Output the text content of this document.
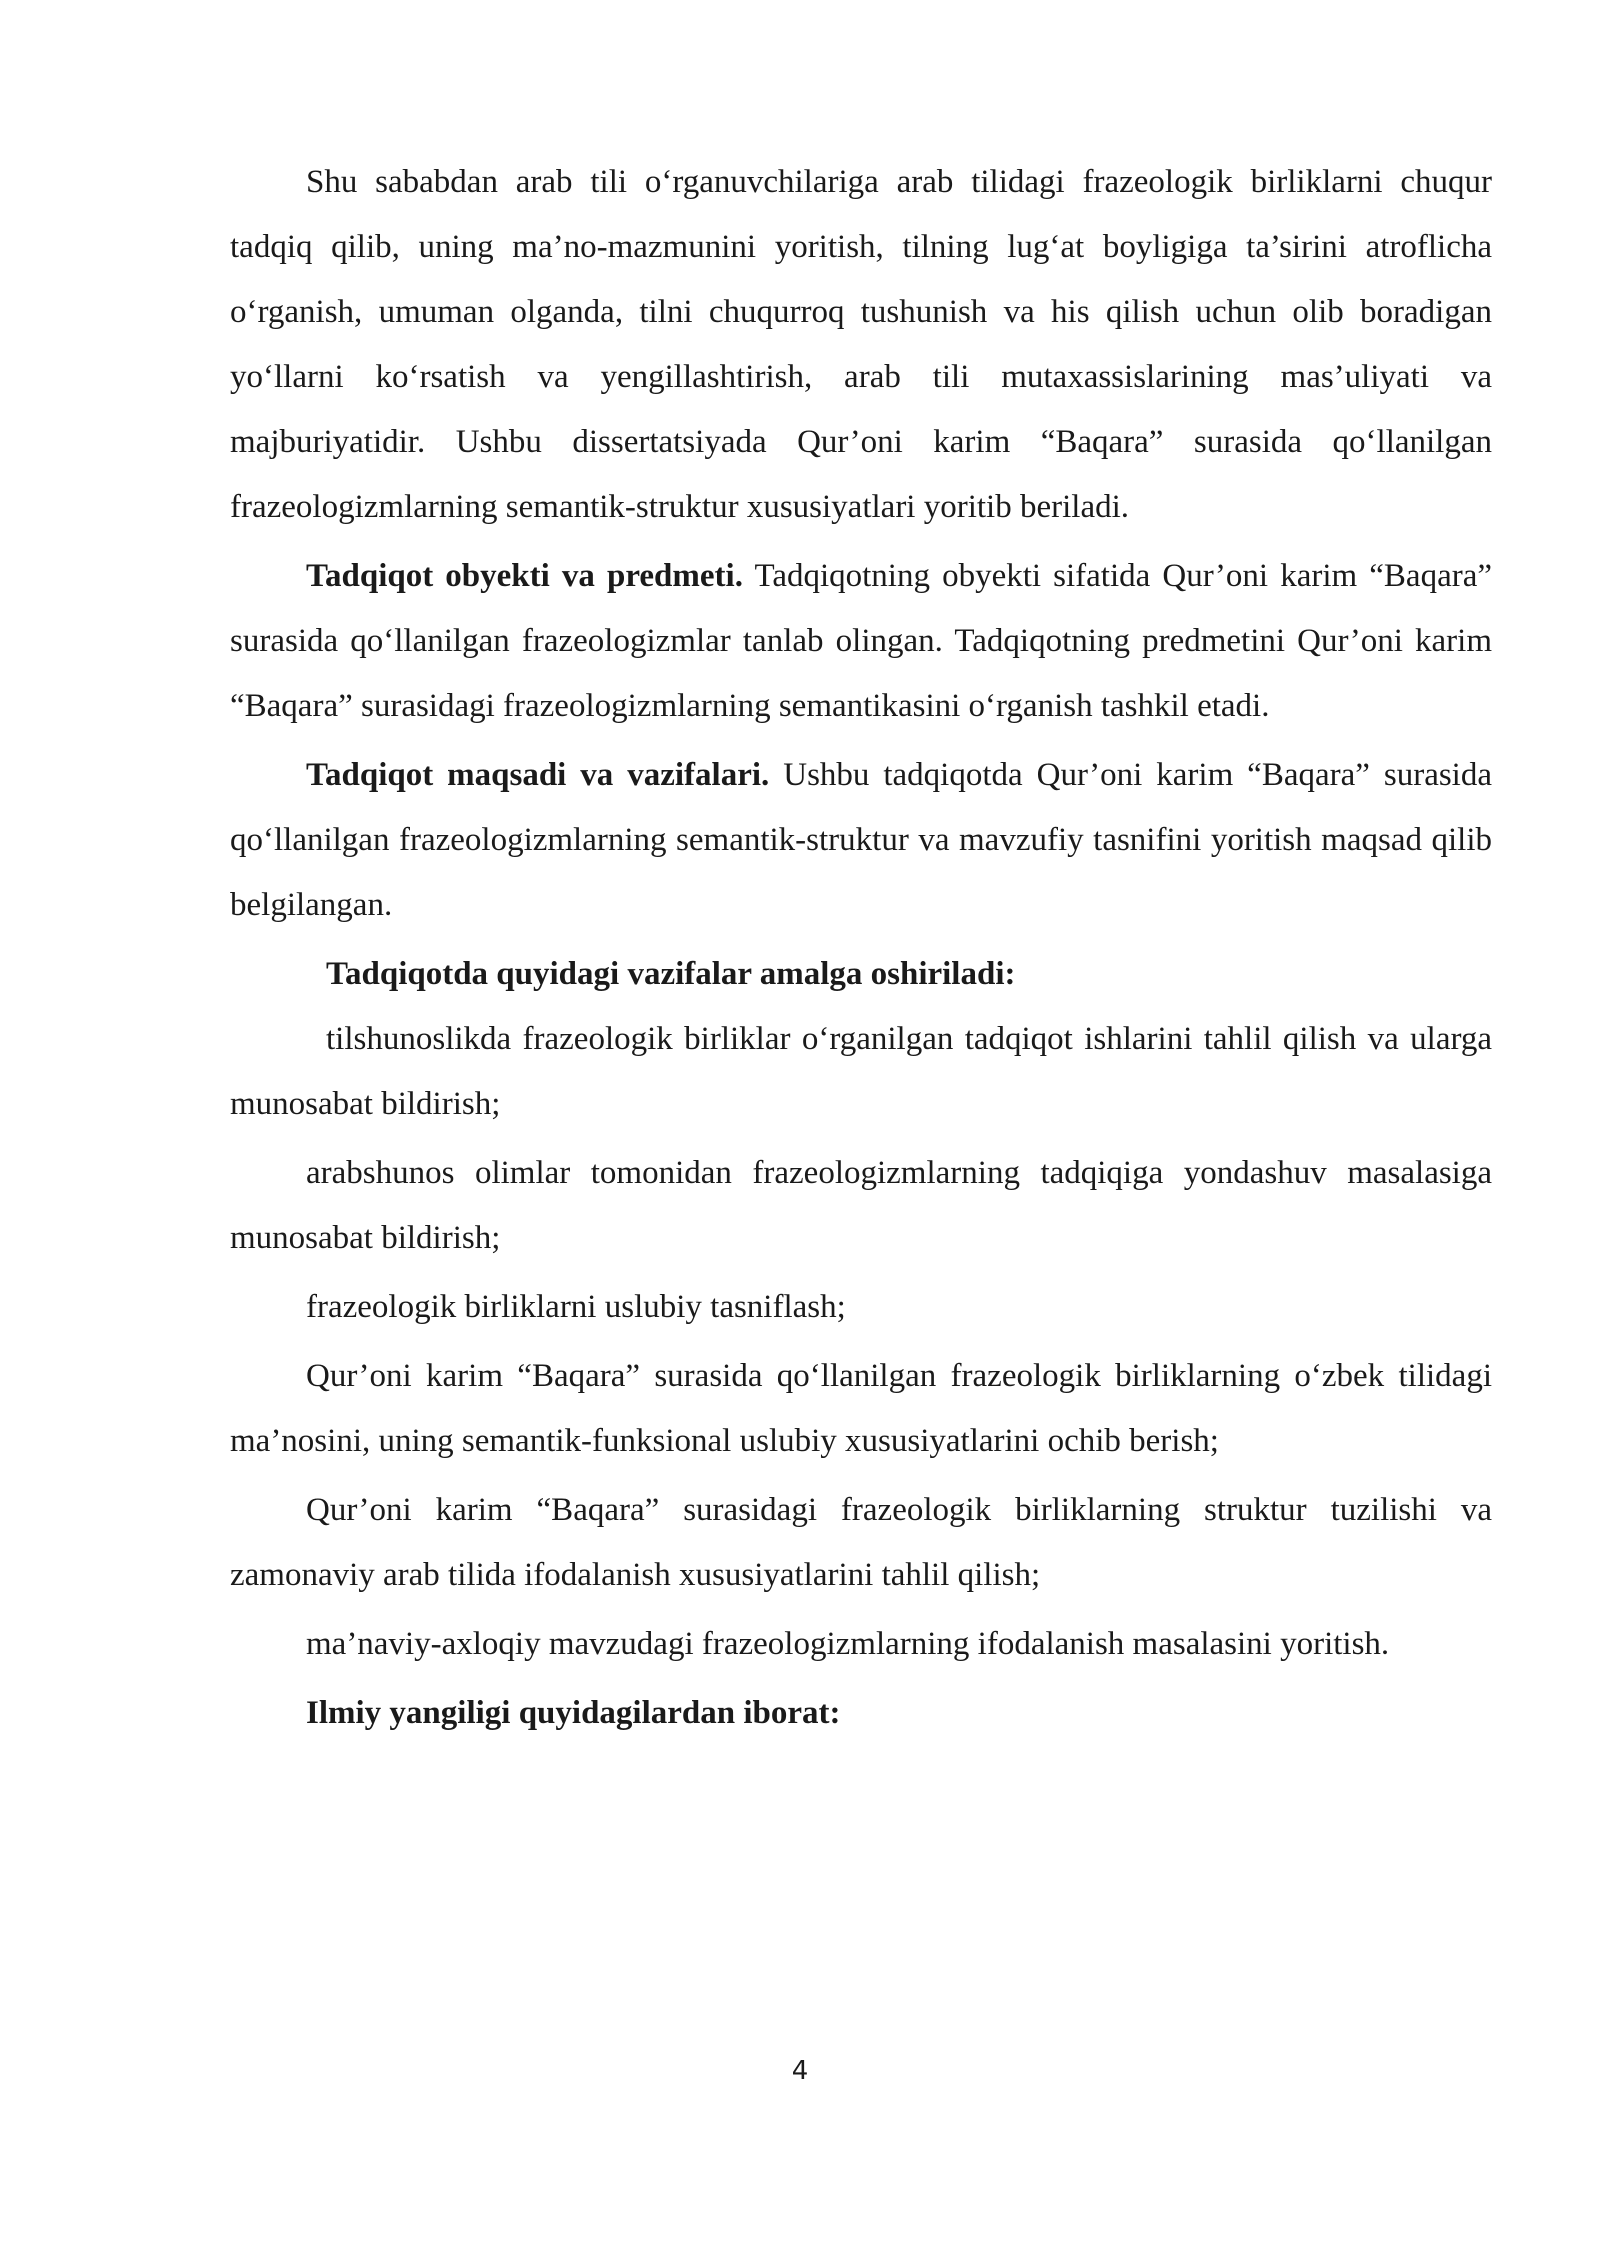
Shu sababdan arab tili o‘rganuvchilariga arab tilidagi frazeologik birliklarni chuqur tadqiq qilib, uning ma’no-mazmunini yoritish, tilning lug‘at boyligiga ta’sirini atroflicha o‘rganish, umuman olganda, tilni chuqurroq tushunish va his qilish uchun olib boradigan yo‘llarni ko‘rsatish va yengillashtirish, arab tili mutaxassislarining mas’uliyati va majburiyatidir. Ushbu dissertatsiyada Qur’oni karim “Baqara” surasida qo‘llanilgan frazeologizmlarning semantik-struktur xususiyatlari yoritib beriladi.

Tadqiqot obyekti va predmeti. Tadqiqotning obyekti sifatida Qur’oni karim “Baqara” surasida qo‘llanilgan frazeologizmlar tanlab olingan. Tadqiqotning predmetini Qur’oni karim “Baqara” surasidagi frazeologizmlarning semantikasini o‘rganish tashkil etadi.

Tadqiqot maqsadi va vazifalari. Ushbu tadqiqotda Qur’oni karim “Baqara” surasida qo‘llanilgan frazeologizmlarning semantik-struktur va mavzufiy tasnifini yoritish maqsad qilib belgilangan.

Tadqiqotda quyidagi vazifalar amalga oshiriladi:

tilshunoslikda frazeologik birliklar o‘rganilgan tadqiqot ishlarini tahlil qilish va ularga munosabat bildirish;

arabshunos olimlar tomonidan frazeologizmlarning tadqiqiga yondashuv masalasiga munosabat bildirish;

frazeologik birliklarni uslubiy tasniflash;

Qur’oni karim “Baqara” surasida qo‘llanilgan frazeologik birliklarning o‘zbek tilidagi ma’nosini, uning semantik-funksional uslubiy xususiyatlarini ochib berish;

Qur’oni karim “Baqara” surasidagi frazeologik birliklarning struktur tuzilishi va zamonaviy arab tilida ifodalanish xususiyatlarini tahlil qilish;

ma’naviy-axloqiy mavzudagi frazeologizmlarning ifodalanish masalasini yoritish.

Ilmiy yangiligi quyidagilardan iborat:

4
